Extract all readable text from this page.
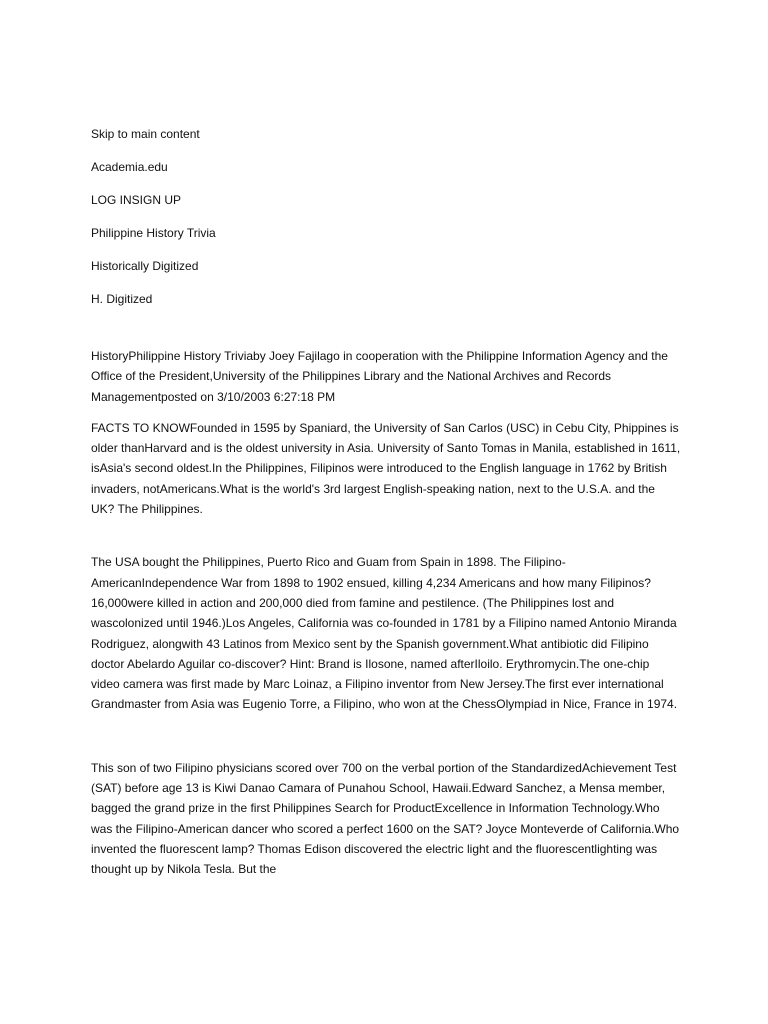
Skip to main content
Academia.edu
LOG INSIGN UP
Philippine History Trivia
Historically Digitized
H. Digitized

HistoryPhilippine History Triviaby Joey Fajilago in cooperation with the Philippine Information Agency and the Office of the President,University of the Philippines Library and the National Archives and Records Managementposted on 3/10/2003 6:27:18 PM

FACTS TO KNOWFounded in 1595 by Spaniard, the University of San Carlos (USC) in Cebu City, Phippines is older thanHarvard and is the oldest university in Asia. University of Santo Tomas in Manila, established in 1611, isAsia's second oldest.In the Philippines, Filipinos were introduced to the English language in 1762 by British invaders, notAmericans.What is the world's 3rd largest English-speaking nation, next to the U.S.A. and the UK? The Philippines.

The USA bought the Philippines, Puerto Rico and Guam from Spain in 1898. The Filipino-AmericanIndependence War from 1898 to 1902 ensued, killing 4,234 Americans and how many Filipinos? 16,000were killed in action and 200,000 died from famine and pestilence. (The Philippines lost and wascolonized until 1946.)Los Angeles, California was co-founded in 1781 by a Filipino named Antonio Miranda Rodriguez, alongwith 43 Latinos from Mexico sent by the Spanish government.What antibiotic did Filipino doctor Abelardo Aguilar co-discover? Hint: Brand is Ilosone, named afterIloilo. Erythromycin.The one-chip video camera was first made by Marc Loinaz, a Filipino inventor from New Jersey.The first ever international Grandmaster from Asia was Eugenio Torre, a Filipino, who won at the ChessOlympiad in Nice, France in 1974.

This son of two Filipino physicians scored over 700 on the verbal portion of the StandardizedAchievement Test (SAT) before age 13 is Kiwi Danao Camara of Punahou School, Hawaii.Edward Sanchez, a Mensa member, bagged the grand prize in the first Philippines Search for ProductExcellence in Information Technology.Who was the Filipino-American dancer who scored a perfect 1600 on the SAT? Joyce Monteverde of California.Who invented the fluorescent lamp? Thomas Edison discovered the electric light and the fluorescentlighting was thought up by Nikola Tesla. But the
